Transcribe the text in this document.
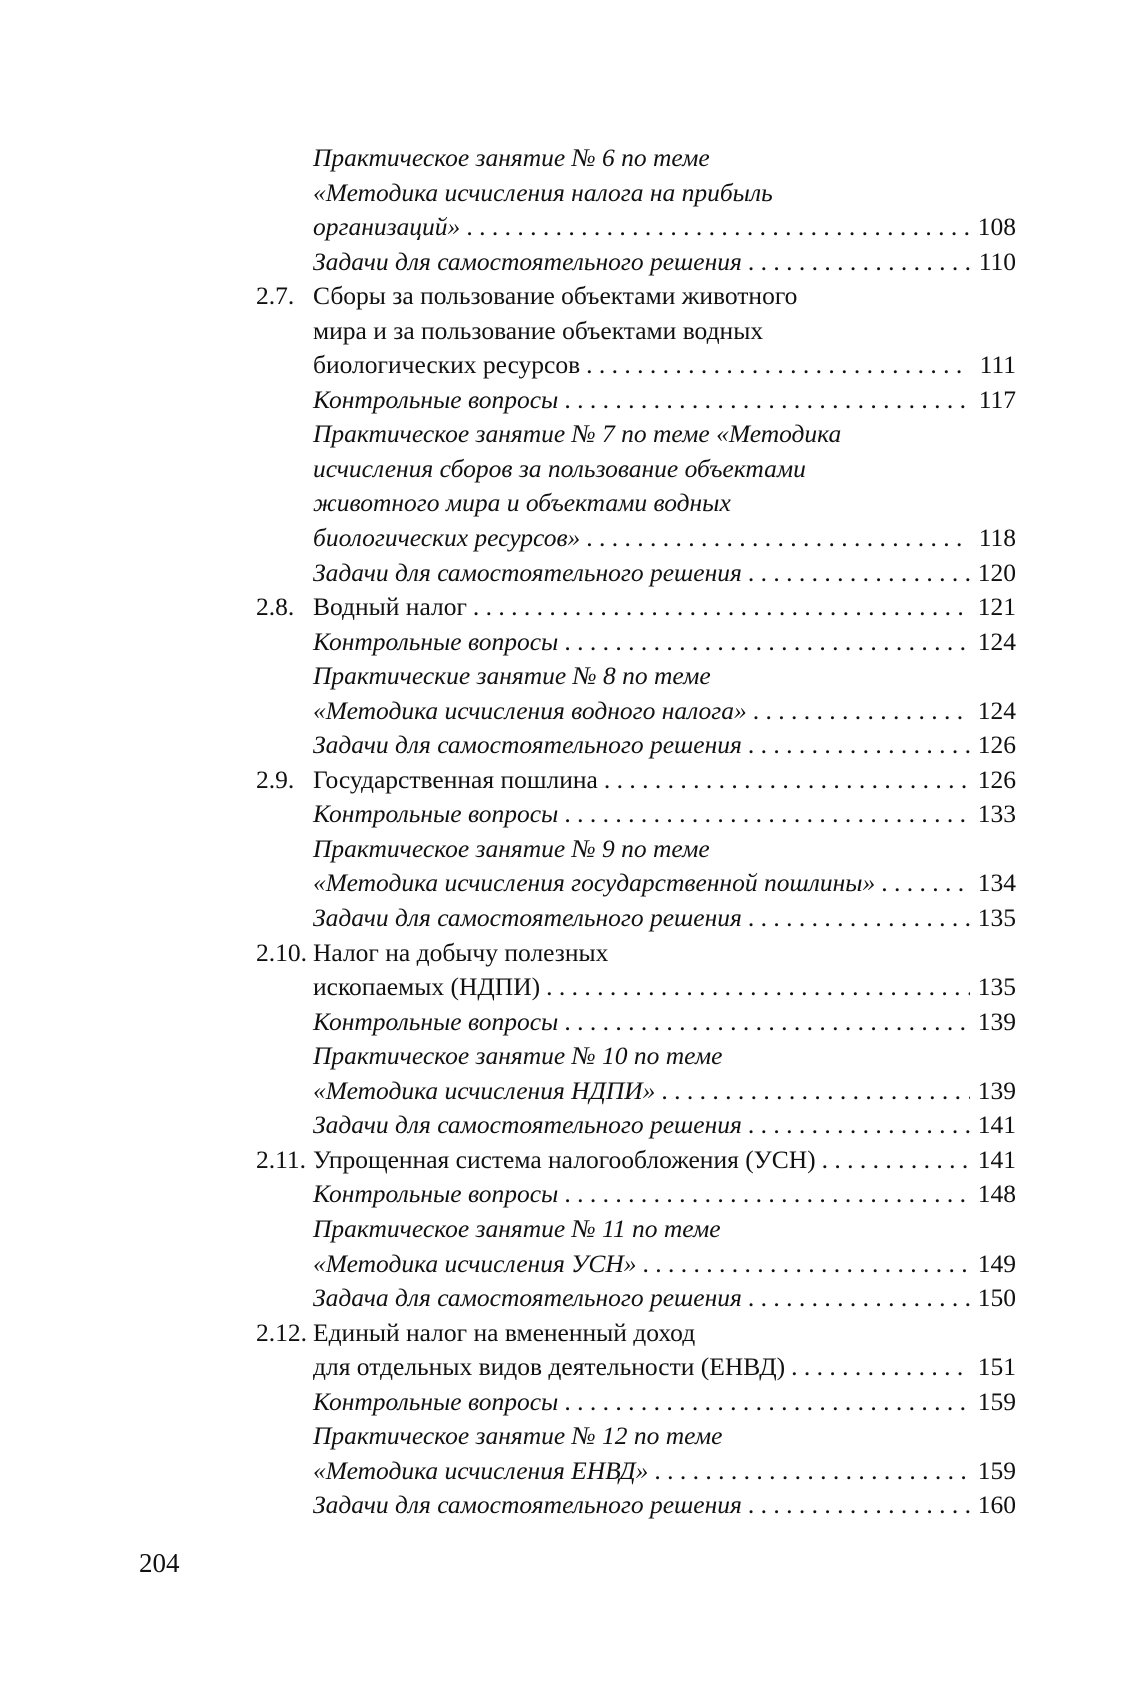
Практическое занятие № 6 по теме
«Методика исчисления налога на прибыль
организаций» . . .	108
Задачи для самостоятельного решения . . .	110
2.7. Сборы за пользование объектами животного
мира и за пользование объектами водных
биологических ресурсов . . .	111
Контрольные вопросы . . .	117
Практическое занятие № 7 по теме «Методика
исчисления сборов за пользование объектами
животного мира и объектами водных
биологических ресурсов» . . .	118
Задачи для самостоятельного решения . . .	120
2.8. Водный налог . . .	121
Контрольные вопросы . . .	124
Практические занятие № 8 по теме
«Методика исчисления водного налога» . . .	124
Задачи для самостоятельного решения . . .	126
2.9. Государственная пошлина . . .	126
Контрольные вопросы . . .	133
Практическое занятие № 9 по теме
«Методика исчисления государственной пошлины» . . .	134
Задачи для самостоятельного решения . . .	135
2.10. Налог на добычу полезных
ископаемых (НДПИ) . . .	135
Контрольные вопросы . . .	139
Практическое занятие № 10 по теме
«Методика исчисления НДПИ» . . .	139
Задачи для самостоятельного решения . . .	141
2.11. Упрощенная система налогообложения (УСН) . . .	141
Контрольные вопросы . . .	148
Практическое занятие № 11 по теме
«Методика исчисления УСН» . . .	149
Задача для самостоятельного решения . . .	150
2.12. Единый налог на вмененный доход
для отдельных видов деятельности (ЕНВД) . . .	151
Контрольные вопросы . . .	159
Практическое занятие № 12 по теме
«Методика исчисления ЕНВД» . . .	159
Задачи для самостоятельного решения . . .	160
204
